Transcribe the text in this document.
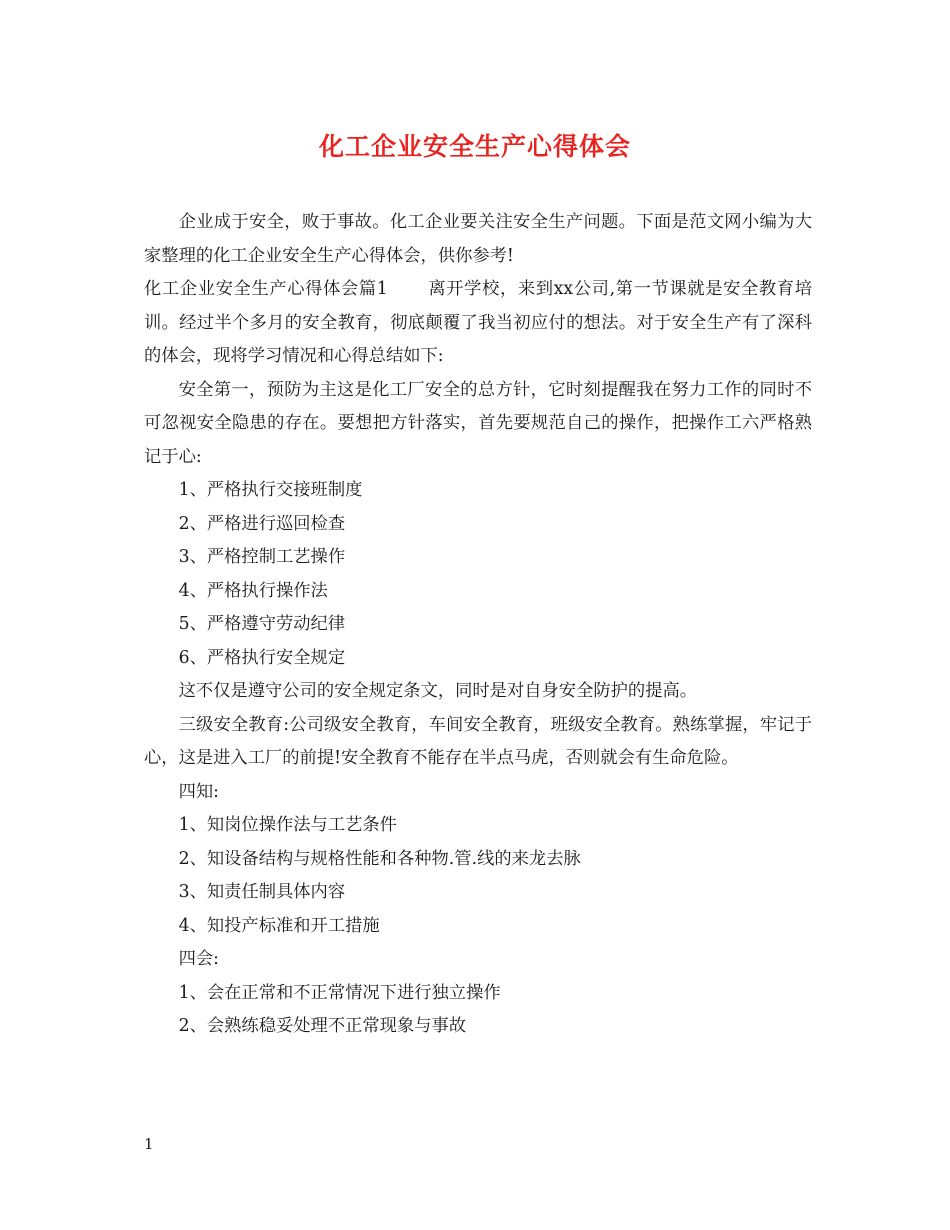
化工企业安全生产心得体会

企业成于安全，败于事故。化工企业要关注安全生产问题。下面是范文网小编为大家整理的化工企业安全生产心得体会，供你参考!

化工企业安全生产心得体会篇1 离开学校，来到xx公司,第一节课就是安全教育培训。经过半个多月的安全教育，彻底颠覆了我当初应付的想法。对于安全生产有了深科的体会，现将学习情况和心得总结如下:

安全第一，预防为主这是化工厂安全的总方针，它时刻提醒我在努力工作的同时不可忽视安全隐患的存在。要想把方针落实，首先要规范自己的操作，把操作工六严格熟记于心:

1、严格执行交接班制度

2、严格进行巡回检查

3、严格控制工艺操作

4、严格执行操作法

5、严格遵守劳动纪律

6、严格执行安全规定

这不仅是遵守公司的安全规定条文，同时是对自身安全防护的提高。

三级安全教育:公司级安全教育，车间安全教育，班级安全教育。熟练掌握，牢记于心，这是进入工厂的前提!安全教育不能存在半点马虎，否则就会有生命危险。

四知:

1、知岗位操作法与工艺条件

2、知设备结构与规格性能和各种物.管.线的来龙去脉

3、知责任制具体内容

4、知投产标准和开工措施

四会:

1、会在正常和不正常情况下进行独立操作

2、会熟练稳妥处理不正常现象与事故

1
